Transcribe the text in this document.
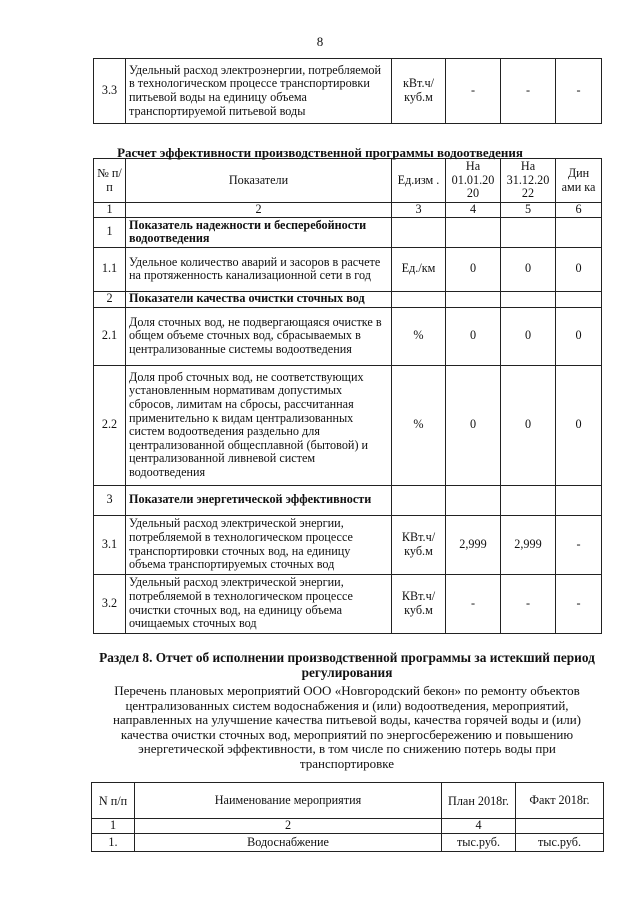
8
3.3	Удельный расход электроэнергии, потребляемой в технологическом процессе транспортировки питьевой воды на единицу объема транспортируемой питьевой воды	кВт.ч/ куб.м	-	-	-
Расчет эффективности производственной программы водоотведения
№ п/п	Показатели	Ед.изм .	На 01.01.20 20	На 31.12.20 22	Дин ами ка
1	2	3	4	5	6
1	Показатель надежности и бесперебойности водоотведения				
1.1	Удельное количество аварий и засоров в расчете на протяженность канализационной сети в год	Ед./км	0	0	0
2	Показатели качества очистки сточных вод				
2.1	Доля сточных вод, не подвергающаяся очистке в общем объеме сточных вод, сбрасываемых в централизованные системы водоотведения	%	0	0	0
2.2	Доля проб сточных вод, не соответствующих установленным нормативам допустимых сбросов, лимитам на сбросы, рассчитанная применительно к видам централизованных систем водоотведения раздельно для централизованной общесплавной (бытовой) и централизованной ливневой систем водоотведения	%	0	0	0
3	Показатели энергетической эффективности				
3.1	Удельный расход электрической энергии, потребляемой в технологическом процессе транспортировки сточных вод, на единицу объема транспортируемых сточных вод	КВт.ч/ куб.м	2,999	2,999	-
3.2	Удельный расход электрической энергии, потребляемой в технологическом процессе очистки сточных вод, на единицу объема очищаемых сточных вод	КВт.ч/ куб.м	-	-	-
Раздел 8. Отчет об исполнении производственной программы за истекший период регулирования
Перечень плановых мероприятий ООО «Новгородский бекон» по ремонту объектов централизованных систем водоснабжения и (или) водоотведения, мероприятий, направленных на улучшение качества питьевой воды, качества горячей воды и (или) качества очистки сточных вод, мероприятий по энергосбережению и повышению энергетической эффективности, в том числе по снижению потерь воды при транспортировке
N п/п	Наименование мероприятия	План 2018г.	Факт 2018г.
1	2	4	
1.	Водоснабжение	тыс.руб.	тыс.руб.
